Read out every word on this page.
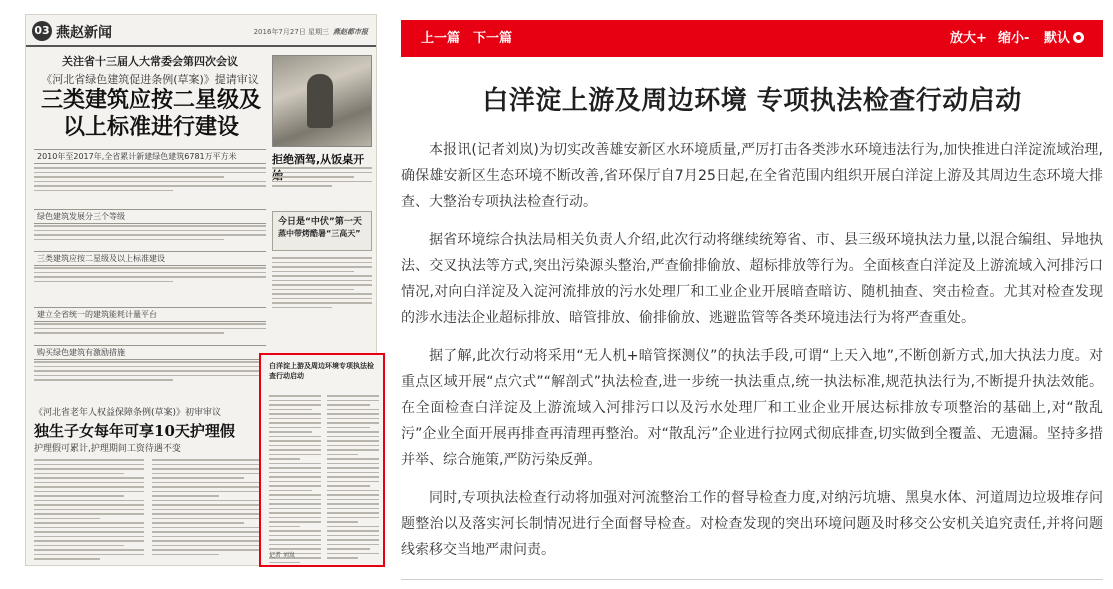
03 燕赵新闻	2016年7月27日 星期三 燕赵都市报
关注省十三届人大常委会第四次会议
《河北省绿色建筑促进条例(草案)》提请审议
三类建筑应按二星级及以上标准进行建设
拒绝酒驾,从饭桌开
2010年至2017年,全省累计新建绿色建筑6781万平方米
绿色建筑发展分三个等级
三类建筑应按二星级及以上标准建设
建立全省统一的建筑能耗计量平台
购买绿色建筑有激励措施
今日是“中伏”第一天
蒸中带烤酷暑“三高天”
《河北省老年人权益保障条例(草案)》初审审议
独生子女每年可享10天护理假
护理假可累计,护理期间工资待遇不变
白洋淀上游及周边环境专项执法检查行动启动
记者 刘岚
上一篇 下一篇	放大+ 缩小- 默认
白洋淀上游及周边环境 专项执法检查行动启动

本报讯(记者刘岚)为切实改善雄安新区水环境质量,严厉打击各类涉水环境违法行为,加快推进白洋淀流域治理,确保雄安新区生态环境不断改善,省环保厅自7月25日起,在全省范围内组织开展白洋淀上游及其周边生态环境大排查、大整治专项执法检查行动。

据省环境综合执法局相关负责人介绍,此次行动将继续统筹省、市、县三级环境执法力量,以混合编组、异地执法、交叉执法等方式,突出污染源头整治,严查偷排偷放、超标排放等行为。全面核查白洋淀及上游流域入河排污口情况,对向白洋淀及入淀河流排放的污水处理厂和工业企业开展暗查暗访、随机抽查、突击检查。尤其对检查发现的涉水违法企业超标排放、暗管排放、偷排偷放、逃避监管等各类环境违法行为将严查重处。

据了解,此次行动将采用“无人机+暗管探测仪”的执法手段,可谓“上天入地”,不断创新方式,加大执法力度。对重点区域开展“点穴式”“解剖式”执法检查,进一步统一执法重点,统一执法标准,规范执法行为,不断提升执法效能。在全面检查白洋淀及上游流域入河排污口以及污水处理厂和工业企业开展达标排放专项整治的基础上,对“散乱污”企业全面开展再排查再清理再整治。对“散乱污”企业进行拉网式彻底排查,切实做到全覆盖、无遗漏。坚持多措并举、综合施策,严防污染反弹。

同时,专项执法检查行动将加强对河流整治工作的督导检查力度,对纳污坑塘、黑臭水体、河道周边垃圾堆存问题整治以及落实河长制情况进行全面督导检查。对检查发现的突出环境问题及时移交公安机关追究责任,并将问题线索移交当地严肃问责。
